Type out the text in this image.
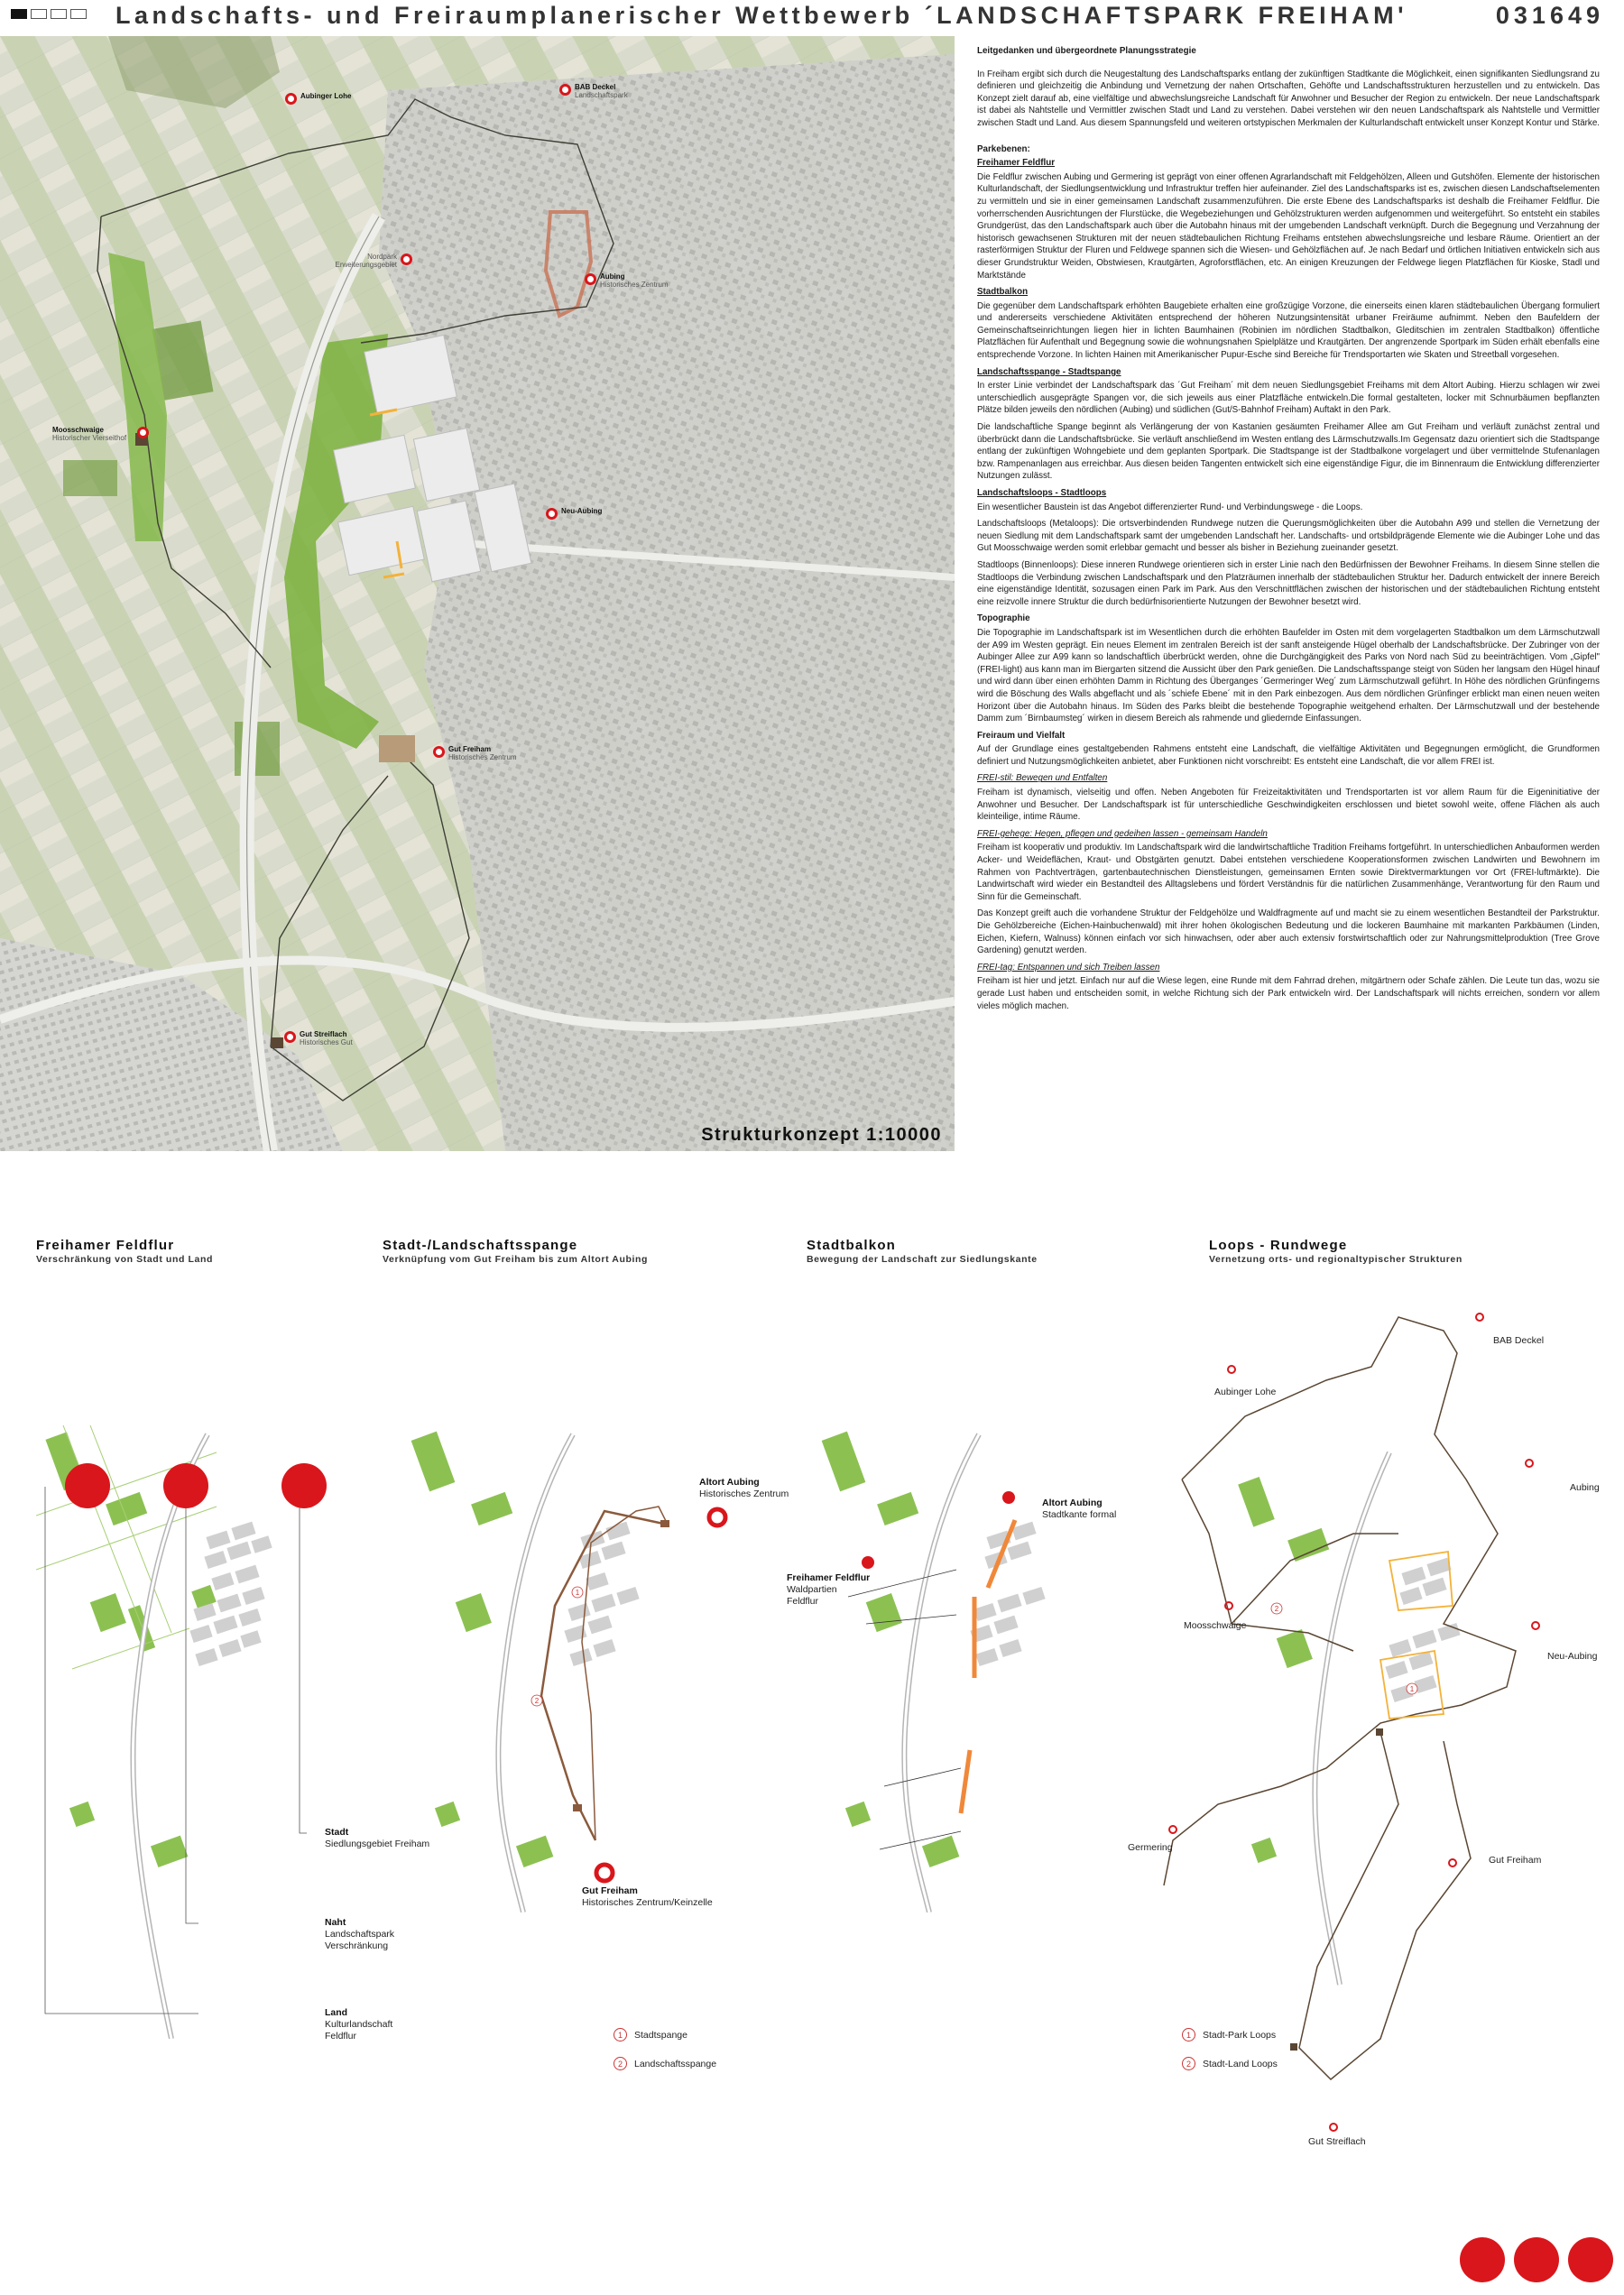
Landschafts- und Freiraumplanerischer Wettbewerb ´LANDSCHAFTSPARK FREIHAM'	031649
Aubinger Lohe
BAB Deckel
Landschaftspark
Nordpark Erweiterungsgebiet
Aubing
Historisches Zentrum
Moosschwaige
Historischer Vierseithof
Neu-Aubing
Gut Freiham
Historisches Zentrum
Gut Streiflach
Historisches Gut
Strukturkonzept 1:10000
Leitgedanken und übergeordnete Planungsstrategie

In Freiham ergibt sich durch die Neugestaltung des Landschaftsparks entlang der zukünftigen Stadtkante die Möglichkeit, einen signifikanten Siedlungsrand zu definieren und gleichzeitig die Anbindung und Vernetzung der nahen Ortschaften, Gehöfte und Landschaftsstrukturen herzustellen und zu entwickeln. Das Konzept zielt darauf ab, eine vielfältige und abwechslungsreiche Landschaft für Anwohner und Besucher der Region zu entwickeln. Der neue Landschaftspark ist dabei als Nahtstelle und Vermittler zwischen Stadt und Land zu verstehen. Dabei verstehen wir den neuen Landschaftspark als Nahtstelle und Vermittler zwischen Stadt und Land. Aus diesem Spannungsfeld und weiteren ortstypischen Merkmalen der Kulturlandschaft entwickelt unser Konzept Kontur und Stärke.

Parkebenen:
Freihamer Feldflur

Die Feldflur zwischen Aubing und Germering ist geprägt von einer offenen Agrarlandschaft mit Feldgehölzen, Alleen und Gutshöfen. Elemente der historischen Kulturlandschaft, der Siedlungsentwicklung und Infrastruktur treffen hier aufeinander. Ziel des Landschaftsparks ist es, zwischen diesen Landschaftselementen zu vermitteln und sie in einer gemeinsamen Landschaft zusammenzuführen. Die erste Ebene des Landschaftsparks ist deshalb die Freihamer Feldflur. Die vorherrschenden Ausrichtungen der Flurstücke, die Wegebeziehungen und Gehölzstrukturen werden aufgenommen und weitergeführt. So entsteht ein stabiles Grundgerüst, das den Landschaftspark auch über die Autobahn hinaus mit der umgebenden Landschaft verknüpft. Durch die Begegnung und Verzahnung der historisch gewachsenen Strukturen mit der neuen städtebaulichen Richtung Freihams entstehen abwechslungsreiche und lesbare Räume. Orientiert an der rasterförmigen Struktur der Fluren und Feldwege spannen sich die Wiesen- und Gehölzflächen auf. Je nach Bedarf und örtlichen Initiativen entwickeln sich aus dieser Grundstruktur Weiden, Obstwiesen, Krautgärten, Agroforstflächen, etc. An einigen Kreuzungen der Feldwege liegen Platzflächen für Kioske, Stadl und Marktstände

Stadtbalkon

Die gegenüber dem Landschaftspark erhöhten Baugebiete erhalten eine großzügige Vorzone, die einerseits einen klaren städtebaulichen Übergang formuliert und andererseits verschiedene Aktivitäten entsprechend der höheren Nutzungsintensität urbaner Freiräume aufnimmt. Neben den Baufeldern der Gemeinschaftseinrichtungen liegen hier in lichten Baumhainen (Robinien im nördlichen Stadtbalkon, Gleditschien im zentralen Stadtbalkon) öffentliche Platzflächen für Aufenthalt und Begegnung sowie die wohnungsnahen Spielplätze und Krautgärten. Der angrenzende Sportpark im Süden erhält ebenfalls eine entsprechende Vorzone. In lichten Hainen mit Amerikanischer Pupur-Esche sind Bereiche für Trendsportarten wie Skaten und Streetball vorgesehen.

Landschaftsspange - Stadtspange

In erster Linie verbindet der Landschaftspark das ´Gut Freiham´ mit dem neuen Siedlungsgebiet Freihams mit dem Altort Aubing. Hierzu schlagen wir zwei unterschiedlich ausgeprägte Spangen vor, die sich jeweils aus einer Platzfläche entwickeln.Die formal gestalteten, locker mit Schnurbäumen bepflanzten Plätze bilden jeweils den nördlichen (Aubing) und südlichen (Gut/S-Bahnhof Freiham) Auftakt in den Park.

Die landschaftliche Spange beginnt als Verlängerung der von Kastanien gesäumten Freihamer Allee am Gut Freiham und verläuft zunächst zentral und überbrückt dann die Landschaftsbrücke. Sie verläuft anschließend im Westen entlang des Lärmschutzwalls.Im Gegensatz dazu orientiert sich die Stadtspange entlang der zukünftigen Wohngebiete und dem geplanten Sportpark. Die Stadtspange ist der Stadtbalkone vorgelagert und über vermittelnde Stufenanlagen bzw. Rampenanlagen aus erreichbar. Aus diesen beiden Tangenten entwickelt sich eine eigenständige Figur, die im Binnenraum die Entwicklung differenzierter Nutzungen zulässt.

Landschaftsloops - Stadtloops

Ein wesentlicher Baustein ist das Angebot differenzierter Rund- und Verbindungswege - die Loops.

Landschaftsloops (Metaloops): Die ortsverbindenden Rundwege nutzen die Querungsmöglichkeiten über die Autobahn A99 und stellen die Vernetzung der neuen Siedlung mit dem Landschaftspark samt der umgebenden Landschaft her. Landschafts- und ortsbildprägende Elemente wie die Aubinger Lohe und das Gut Moosschwaige werden somit erlebbar gemacht und besser als bisher in Beziehung zueinander gesetzt.

Stadtloops (Binnenloops): Diese inneren Rundwege orientieren sich in erster Linie nach den Bedürfnissen der Bewohner Freihams. In diesem Sinne stellen die Stadtloops die Verbindung zwischen Landschaftspark und den Platzräumen innerhalb der städtebaulichen Struktur her. Dadurch entwickelt der innere Bereich eine eigenständige Identität, sozusagen einen Park im Park. Aus den Verschnittflächen zwischen der historischen und der städtebaulichen Richtung entsteht eine reizvolle innere Struktur die durch bedürfnisorientierte Nutzungen der Bewohner besetzt wird.

Topographie

Die Topographie im Landschaftspark ist im Wesentlichen durch die erhöhten Baufelder im Osten mit dem vorgelagerten Stadtbalkon um dem Lärmschutzwall der A99 im Westen geprägt. Ein neues Element im zentralen Bereich ist der sanft ansteigende Hügel oberhalb der Landschaftsbrücke. Der Zubringer von der Aubinger Allee zur A99 kann so landschaftlich überbrückt werden, ohne die Durchgängigkeit des Parks von Nord nach Süd zu beeinträchtigen. Vom „Gipfel" (FREI-light) aus kann man im Biergarten sitzend die Aussicht über den Park genießen. Die Landschaftsspange steigt von Süden her langsam den Hügel hinauf und wird dann über einen erhöhten Damm in Richtung des Überganges ´Germeringer Weg´ zum Lärmschutzwall geführt. In Höhe des nördlichen Grünfingerns wird die Böschung des Walls abgeflacht und als ´schiefe Ebene´ mit in den Park einbezogen. Aus dem nördlichen Grünfinger erblickt man einen neuen weiten Horizont über die Autobahn hinaus. Im Süden des Parks bleibt die bestehende Topographie weitgehend erhalten. Der Lärmschutzwall und der bestehende Damm zum ´Birnbaumsteg´ wirken in diesem Bereich als rahmende und gliedernde Einfassungen.

Freiraum und Vielfalt

Auf der Grundlage eines gestaltgebenden Rahmens entsteht eine Landschaft, die vielfältige Aktivitäten und Begegnungen ermöglicht, die Grundformen definiert und Nutzungsmöglichkeiten anbietet, aber Funktionen nicht vorschreibt: Es entsteht eine Landschaft, die vor allem FREI ist.

FREI-stil: Bewegen und Entfalten

Freiham ist dynamisch, vielseitig und offen. Neben Angeboten für Freizeitaktivitäten und Trendsportarten ist vor allem Raum für die Eigeninitiative der Anwohner und Besucher. Der Landschaftspark ist für unterschiedliche Geschwindigkeiten erschlossen und bietet sowohl weite, offene Flächen als auch kleinteilige, intime Räume.

FREI-gehege: Hegen, pflegen und gedeihen lassen - gemeinsam Handeln

Freiham ist kooperativ und produktiv. Im Landschaftspark wird die landwirtschaftliche Tradition Freihams fortgeführt. In unterschiedlichen Anbauformen werden Acker- und Weideflächen, Kraut- und Obstgärten genutzt. Dabei entstehen verschiedene Kooperationsformen zwischen Landwirten und Bewohnern im Rahmen von Pachtverträgen, gartenbautechnischen Dienstleistungen, gemeinsamen Ernten sowie Direktvermarktungen vor Ort (FREI-luftmärkte). Die Landwirtschaft wird wieder ein Bestandteil des Alltagslebens und fördert Verständnis für die natürlichen Zusammenhänge, Verantwortung für den Raum und Sinn für die Gemeinschaft.

Das Konzept greift auch die vorhandene Struktur der Feldgehölze und Waldfragmente auf und macht sie zu einem wesentlichen Bestandteil der Parkstruktur. Die Gehölzbereiche (Eichen-Hainbuchenwald) mit ihrer hohen ökologischen Bedeutung und die lockeren Baumhaine mit markanten Parkbäumen (Linden, Eichen, Kiefern, Walnuss) können einfach vor sich hinwachsen, oder aber auch extensiv forstwirtschaftlich oder zur Nahrungsmittelproduktion (Tree Grove Gardening) genutzt werden.

FREI-tag: Entspannen und sich Treiben lassen

Freiham ist hier und jetzt. Einfach nur auf die Wiese legen, eine Runde mit dem Fahrrad drehen, mitgärtnern oder Schafe zählen. Die Leute tun das, wozu sie gerade Lust haben und entscheiden somit, in welche Richtung sich der Park entwickeln wird. Der Landschaftspark will nichts erreichen, sondern vor allem vieles möglich machen.

Freihamer Feldflur
Verschränkung von Stadt und Land
Stadt-/Landschaftsspange
Verknüpfung vom Gut Freiham bis zum Altort Aubing
Stadtbalkon
Bewegung der Landschaft zur Siedlungskante
Loops - Rundwege
Vernetzung orts- und regionaltypischer Strukturen
Stadt
Siedlungsgebiet Freiham
Naht
Landschaftspark
Verschränkung
Land
Kulturlandschaft
Feldflur
1
2
Altort Aubing
Historisches Zentrum
Gut Freiham
Historisches Zentrum/Keinzelle
1	Stadtspange
2	Landschaftsspange
Altort Aubing
Stadtkante formal
Freihamer Feldflur
Waldpartien
Feldflur
2
1
BAB Deckel
Aubinger Lohe
Aubing
Moosschwaige
Neu-Aubing
Germering
Gut Freiham
Gut Streiflach
1	Stadt-Park Loops
2	Stadt-Land Loops
